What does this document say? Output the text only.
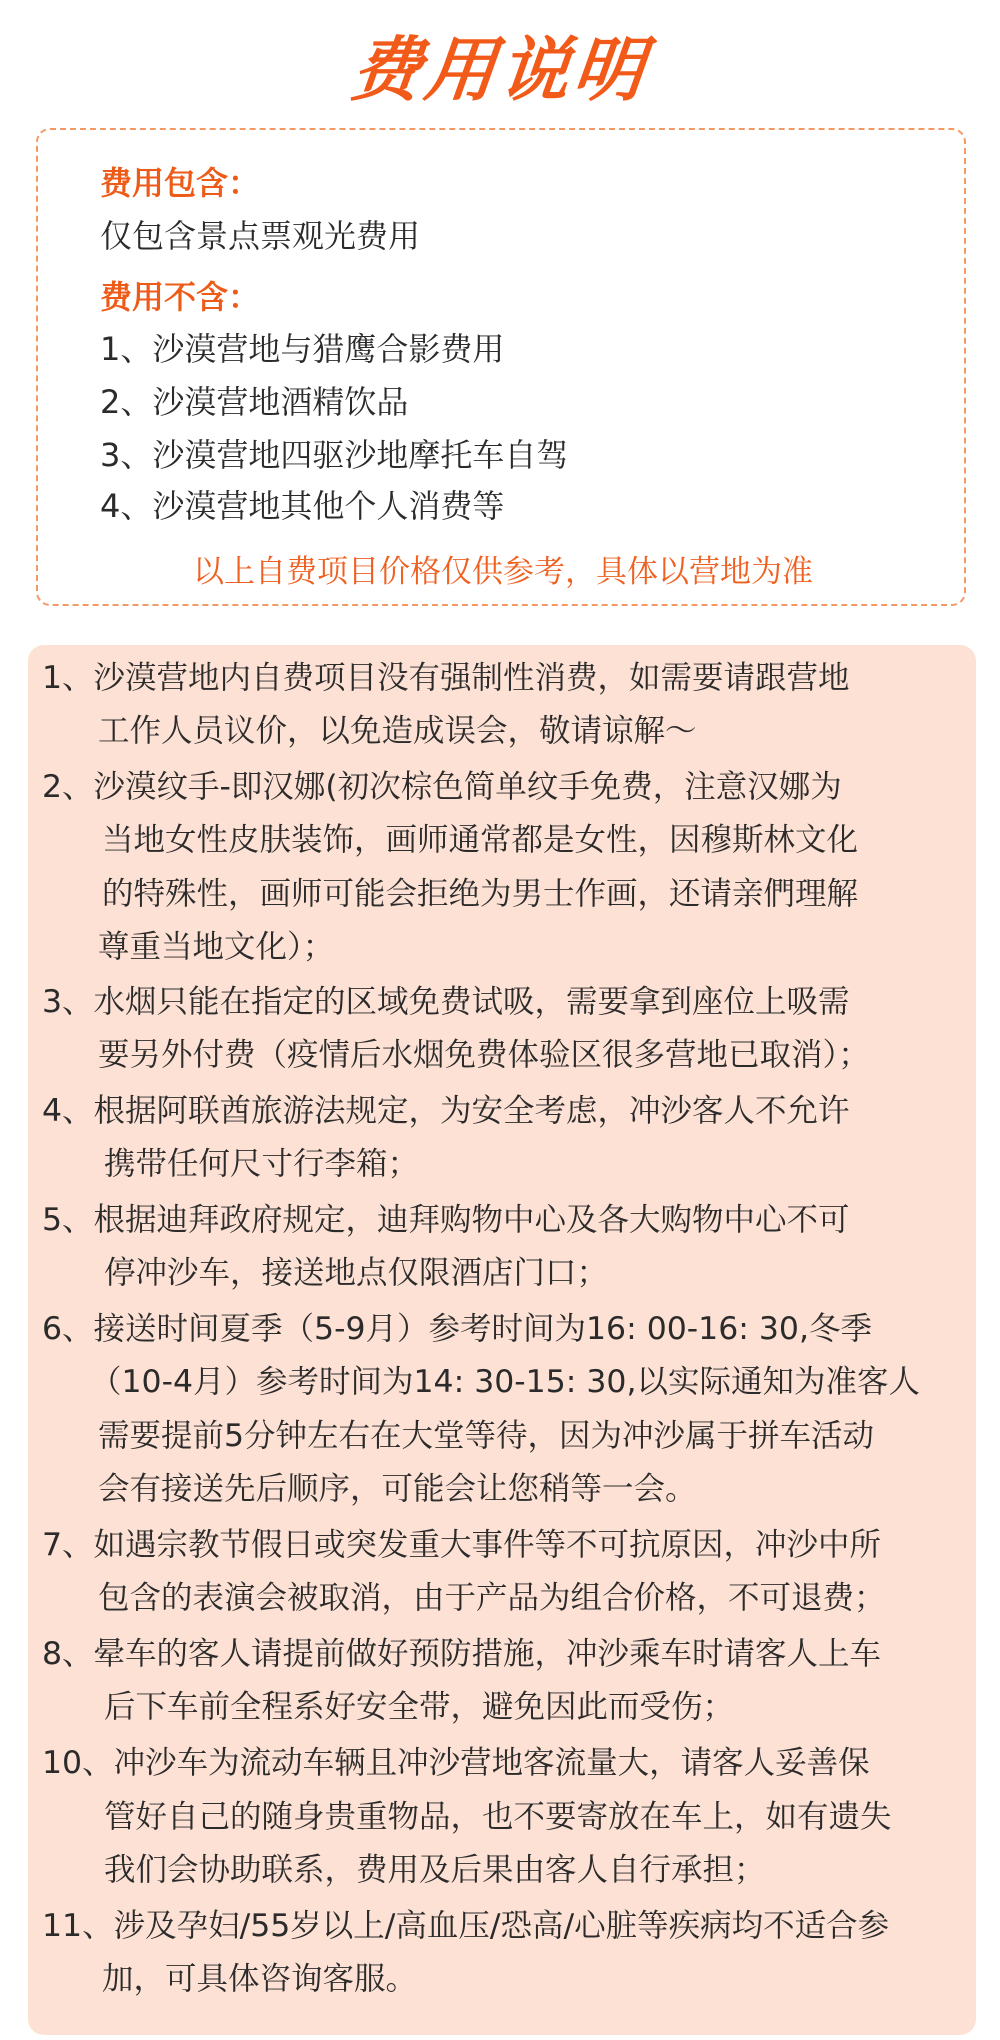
费用说明
费用包含：
仅包含景点票观光费用
费用不含：
1、沙漠营地与猎鹰合影费用
2、沙漠营地酒精饮品
3、沙漠营地四驱沙地摩托车自驾
4、沙漠营地其他个人消费等
以上自费项目价格仅供参考，具体以营地为准
1、沙漠营地内自费项目没有强制性消费，如需要请跟营地
工作人员议价，以免造成误会，敬请谅解～
2、沙漠纹手-即汉娜(初次棕色简单纹手免费，注意汉娜为
当地女性皮肤装饰，画师通常都是女性，因穆斯林文化
的特殊性，画师可能会拒绝为男士作画，还请亲們理解
尊重当地文化）；
3、水烟只能在指定的区域免费试吸，需要拿到座位上吸需
要另外付费（疫情后水烟免费体验区很多营地已取消）；
4、根据阿联酋旅游法规定，为安全考虑，冲沙客人不允许
携带任何尺寸行李箱；
5、根据迪拜政府规定，迪拜购物中心及各大购物中心不可
停冲沙车，接送地点仅限酒店门口；
6、接送时间夏季（5-9月）参考时间为16: 00-16: 30,冬季
（10-4月）参考时间为14: 30-15: 30,以实际通知为准客人
需要提前5分钟左右在大堂等待，因为冲沙属于拼车活动
会有接送先后顺序，可能会让您稍等一会。
7、如遇宗教节假日或突发重大事件等不可抗原因，冲沙中所
包含的表演会被取消，由于产品为组合价格，不可退费；
8、晕车的客人请提前做好预防措施，冲沙乘车时请客人上车
后下车前全程系好安全带，避免因此而受伤；
10、冲沙车为流动车辆且冲沙营地客流量大，请客人妥善保
管好自己的随身贵重物品，也不要寄放在车上，如有遗失
我们会协助联系，费用及后果由客人自行承担；
11、涉及孕妇/55岁以上/高血压/恐高/心脏等疾病均不适合参
加，可具体咨询客服。
